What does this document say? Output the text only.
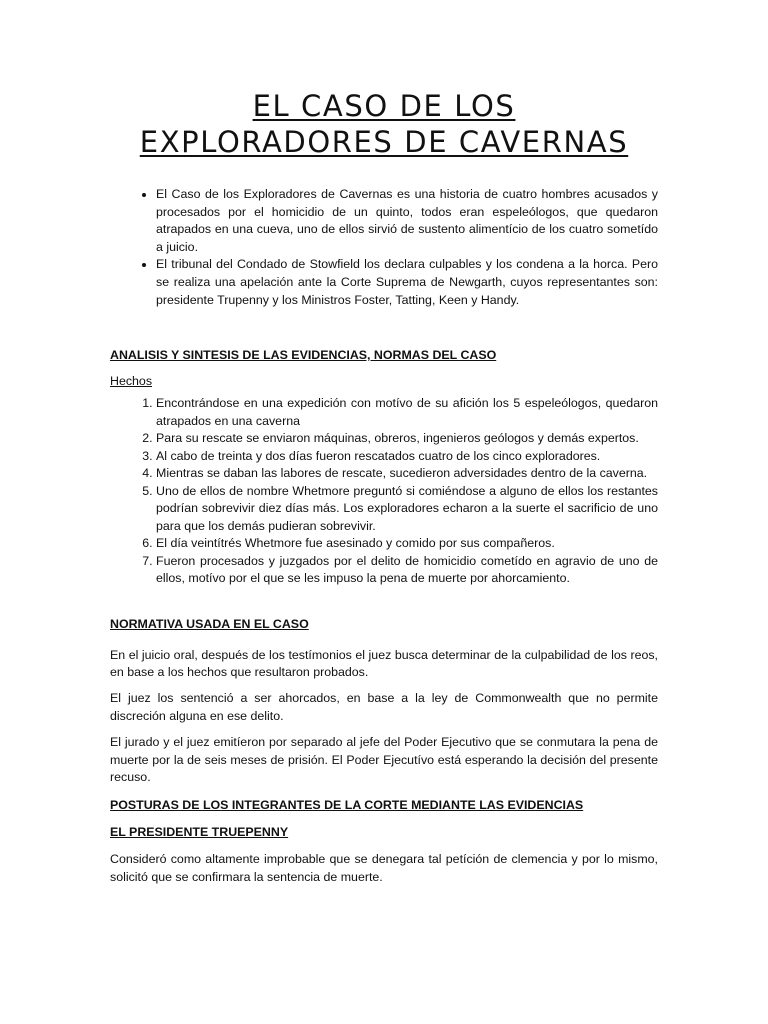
EL CASO DE LOS
EXPLORADORES DE CAVERNAS
• El Caso de los Exploradores de Cavernas es una historia de cuatro hombres acusados y procesados por el homicidio de un quinto, todos eran espeleólogos, que quedaron atrapados en una cueva, uno de ellos sirvió de sustento alimentício de los cuatro sometído a juicio.
• El tribunal del Condado de Stowfield los declara culpables y los condena a la horca. Pero se realiza una apelación ante la Corte Suprema de Newgarth, cuyos representantes son: presidente Trupenny y los Ministros Foster, Tatting, Keen y Handy.
ANALISIS Y SINTESIS DE LAS EVIDENCIAS, NORMAS DEL CASO
Hechos
1. Encontrándose en una expedición con motívo de su afición los 5 espeleólogos, quedaron atrapados en una caverna
2. Para su rescate se enviaron máquinas, obreros, ingenieros geólogos y demás expertos.
3. Al cabo de treinta y dos días fueron rescatados cuatro de los cinco exploradores.
4. Mientras se daban las labores de rescate, sucedieron adversidades dentro de la caverna.
5. Uno de ellos de nombre Whetmore preguntó si comiéndose a alguno de ellos los restantes podrían sobrevivir diez días más. Los exploradores echaron a la suerte el sacrificio de uno para que los demás pudieran sobrevivir.
6. El día veintítrés Whetmore fue asesinado y comido por sus compañeros.
7. Fueron procesados y juzgados por el delito de homicidio cometído en agravio de uno de ellos, motívo por el que se les impuso la pena de muerte por ahorcamiento.
NORMATIVA USADA EN EL CASO

En el juicio oral, después de los testímonios el juez busca determinar de la culpabilidad de los reos, en base a los hechos que resultaron probados.

El juez los sentenció a ser ahorcados, en base a la ley de Commonwealth que no permite discreción alguna en ese delito.

El jurado y el juez emitíeron por separado al jefe del Poder Ejecutivo que se conmutara la pena de muerte por la de seis meses de prisión. El Poder Ejecutívo está esperando la decisión del presente recuso.

POSTURAS DE LOS INTEGRANTES DE LA CORTE MEDIANTE LAS EVIDENCIAS
EL PRESIDENTE TRUEPENNY

Consideró como altamente improbable que se denegara tal petíción de clemencia y por lo mismo, solicitó que se confirmara la sentencia de muerte.
